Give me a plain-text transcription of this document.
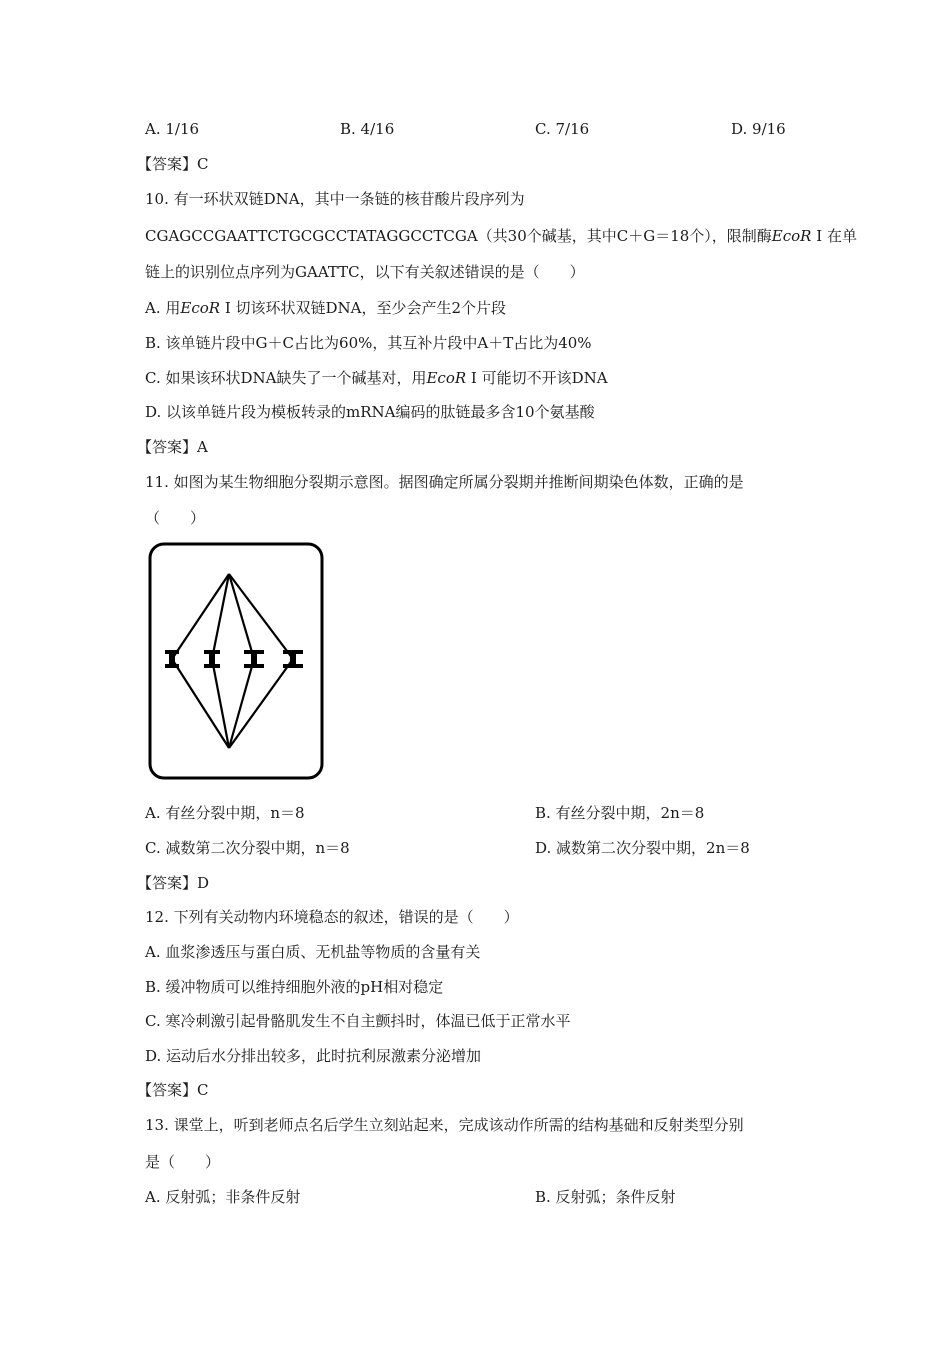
A. 1/16	B. 4/16	C. 7/16	D. 9/16
【答案】C
10. 有一环状双链DNA，其中一条链的核苷酸片段序列为
CGAGCCGAATTCTGCGCCTATAGGCCTCGA（共30个碱基，其中C＋G＝18个），限制酶EcoR Ⅰ 在单
链上的识别位点序列为GAATTC，以下有关叙述错误的是（　　）
A. 用EcoR Ⅰ 切该环状双链DNA，至少会产生2个片段
B. 该单链片段中G＋C占比为60%，其互补片段中A＋T占比为40%
C. 如果该环状DNA缺失了一个碱基对，用EcoR Ⅰ 可能切不开该DNA
D. 以该单链片段为模板转录的mRNA编码的肽链最多含10个氨基酸
【答案】A
11. 如图为某生物细胞分裂期示意图。据图确定所属分裂期并推断间期染色体数，正确的是
（　　）
A. 有丝分裂中期，n＝8	B. 有丝分裂中期，2n＝8
C. 减数第二次分裂中期，n＝8	D. 减数第二次分裂中期，2n＝8
【答案】D
12. 下列有关动物内环境稳态的叙述，错误的是（　　）
A. 血浆渗透压与蛋白质、无机盐等物质的含量有关
B. 缓冲物质可以维持细胞外液的pH相对稳定
C. 寒冷刺激引起骨骼肌发生不自主颤抖时，体温已低于正常水平
D. 运动后水分排出较多，此时抗利尿激素分泌增加
【答案】C
13. 课堂上，听到老师点名后学生立刻站起来，完成该动作所需的结构基础和反射类型分别
是（　　）
A. 反射弧；非条件反射	B. 反射弧；条件反射
